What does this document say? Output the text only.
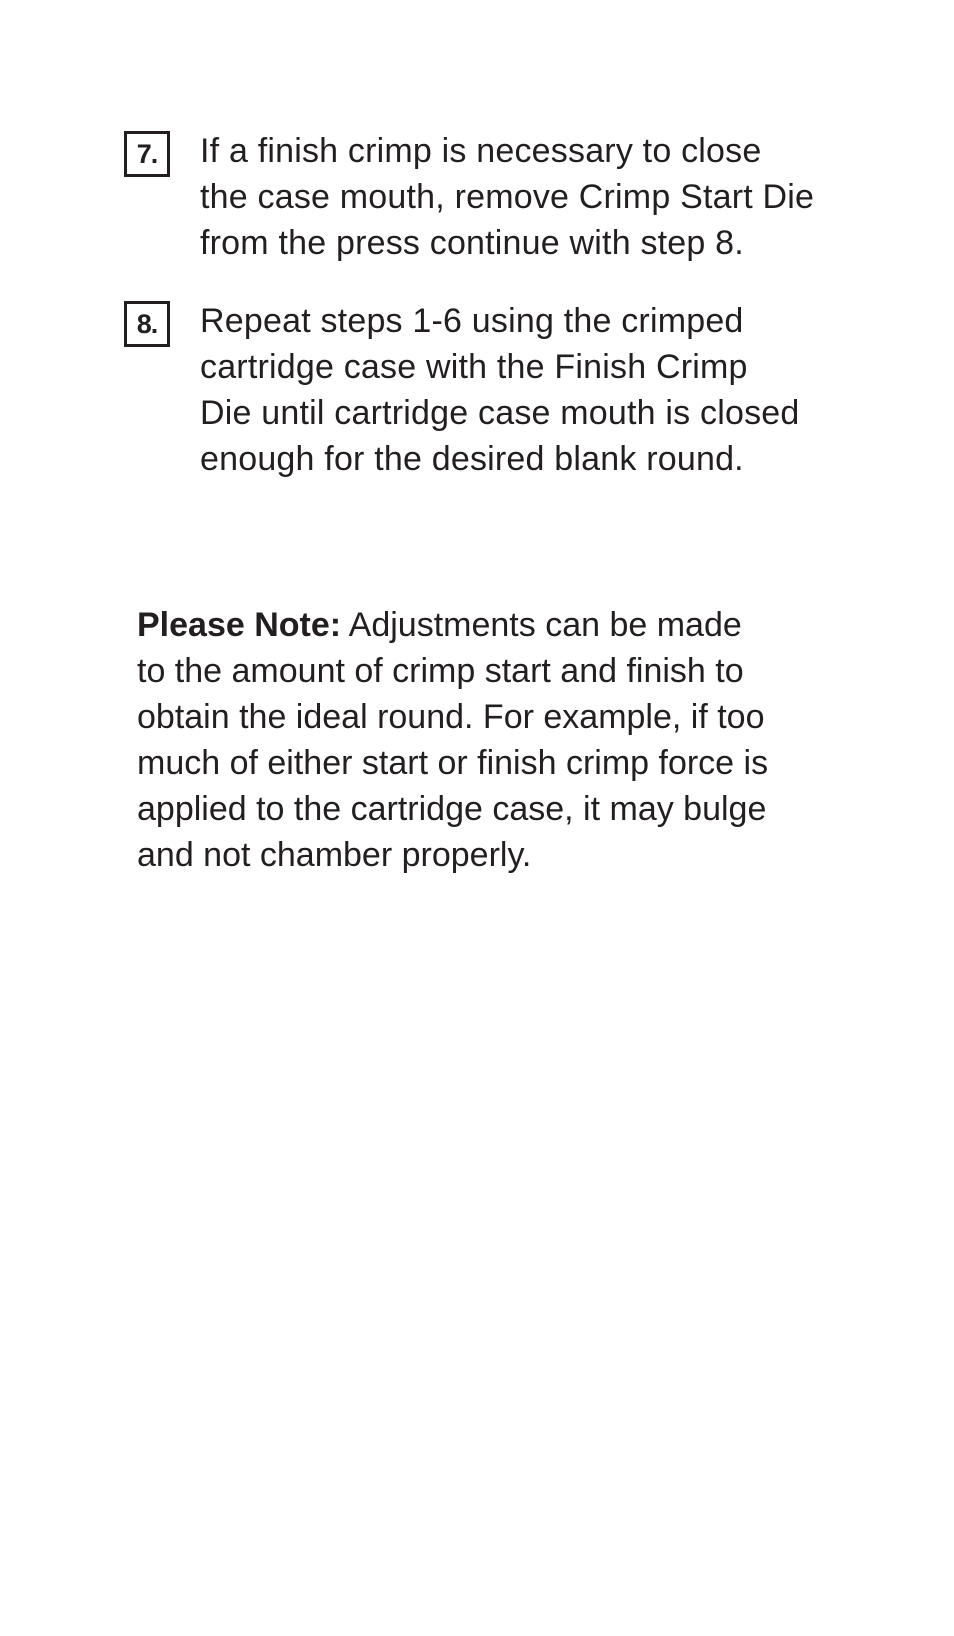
7.	If a finish crimp is necessary to close
the case mouth, remove Crimp Start Die
from the press continue with step 8.
8.	Repeat steps 1-6 using the crimped
cartridge case with the Finish Crimp
Die until cartridge case mouth is closed
enough for the desired blank round.
Please Note: Adjustments can be made
to the amount of crimp start and finish to
obtain the ideal round. For example, if too
much of either start or finish crimp force is
applied to the cartridge case, it may bulge
and not chamber properly.
